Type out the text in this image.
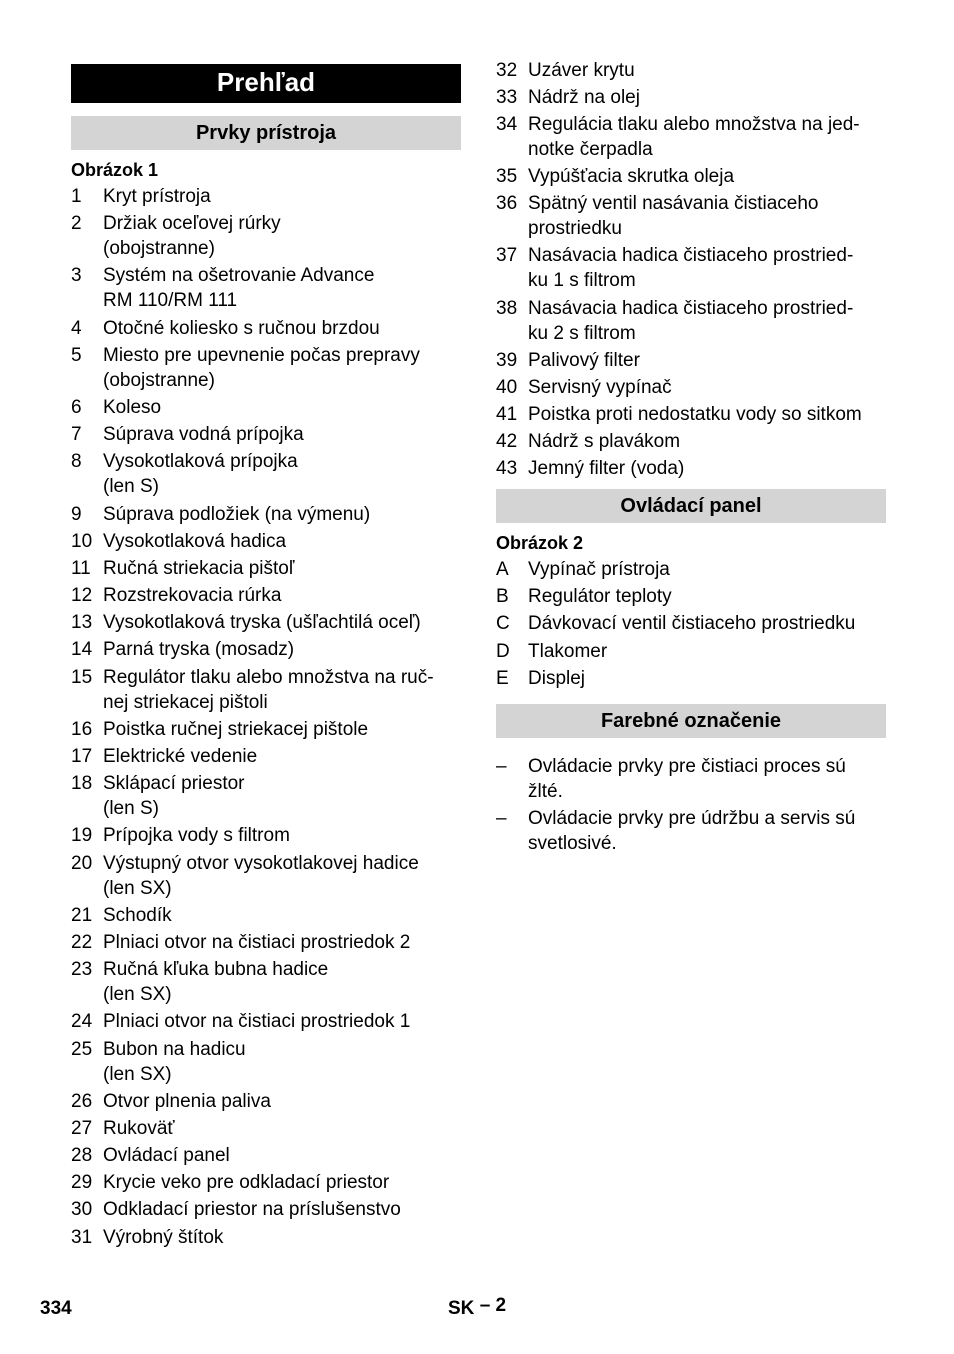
Prehľad
Prvky prístroja
Obrázok 1
1	Kryt prístroja
2	Držiak oceľovej rúrky
(obojstranne)
3	Systém na ošetrovanie Advance
RM 110/RM 111
4	Otočné koliesko s ručnou brzdou
5	Miesto pre upevnenie počas prepravy
(obojstranne)
6	Koleso
7	Súprava vodná prípojka
8	Vysokotlaková prípojka
(len S)
9	Súprava podložiek (na výmenu)
10 Vysokotlaková hadica
11 Ručná striekacia pištoľ
12 Rozstrekovacia rúrka
13 Vysokotlaková tryska (ušľachtilá oceľ)
14 Parná tryska (mosadz)
15 Regulátor tlaku alebo množstva na ruč-
nej striekacej pištoli
16 Poistka ručnej striekacej pištole
17 Elektrické vedenie
18 Sklápací priestor
(len S)
19 Prípojka vody s filtrom
20 Výstupný otvor vysokotlakovej hadice
(len SX)
21 Schodík
22 Plniaci otvor na čistiaci prostriedok 2
23 Ručná kľuka bubna hadice
(len SX)
24 Plniaci otvor na čistiaci prostriedok 1
25 Bubon na hadicu
(len SX)
26 Otvor plnenia paliva
27 Rukoväť
28 Ovládací panel
29 Krycie veko pre odkladací priestor
30 Odkladací priestor na príslušenstvo
31 Výrobný štítok
32 Uzáver krytu
33 Nádrž na olej
34 Regulácia tlaku alebo množstva na jed-
notke čerpadla
35 Vypúšťacia skrutka oleja
36 Spätný ventil nasávania čistiaceho
prostriedku
37 Nasávacia hadica čistiaceho prostried-
ku 1 s filtrom
38 Nasávacia hadica čistiaceho prostried-
ku 2 s filtrom
39 Palivový filter
40 Servisný vypínač
41 Poistka proti nedostatku vody so sitkom
42 Nádrž s plavákom
43 Jemný filter (voda)
Ovládací panel
Obrázok 2
A	Vypínač prístroja
B	Regulátor teploty
C Dávkovací ventil čistiaceho prostriedku
D Tlakomer
E	Displej
Farebné označenie
–	Ovládacie prvky pre čistiaci proces sú
žlté.
–	Ovládacie prvky pre údržbu a servis sú
svetlosivé.
334	SK – 2
